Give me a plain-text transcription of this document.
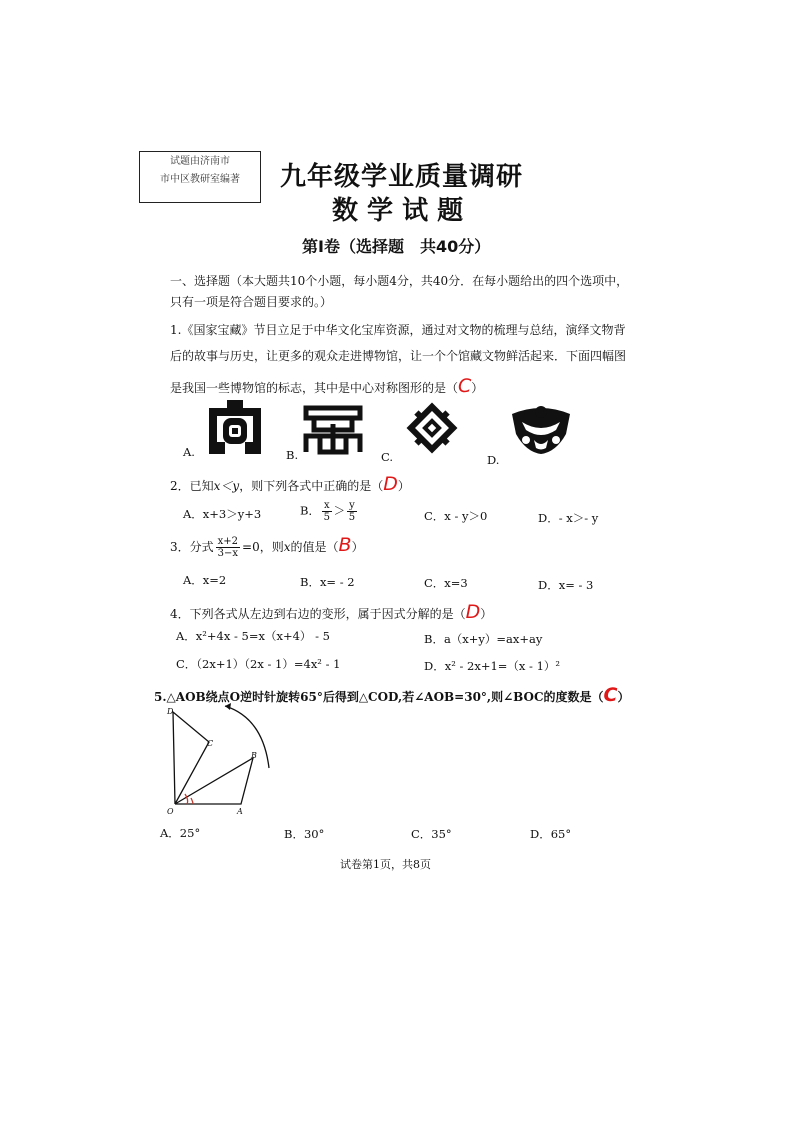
试题由济南市
市中区教研室编著	九年级学业质量调研
数 学 试 题
第Ⅰ卷（选择题　共40分）
一、选择题（本大题共10个小题，每小题4分，共40分．在每小题给出的四个选项中，
只有一项是符合题目要求的。）
1.《国家宝藏》节目立足于中华文化宝库资源，通过对文物的梳理与总结，演绎文物背
后的故事与历史，让更多的观众走进博物馆，让一个个馆藏文物鲜活起来．下面四幅图
是我国一些博物馆的标志，其中是中心对称图形的是（C）
A.	B.	C.	D.
2．已知x＜y，则下列各式中正确的是（D）
A．x+3＞y+3	B． $\frac{x}{5} > \frac{y}{5}$	C．x - y＞0	D．- x＞- y
3．分式 $\frac{x+2}{3-x} =0$，则x的值是（B）
A．x=2	B．x= - 2	C．x=3	D．x= - 3
4．下列各式从左边到右边的变形，属于因式分解的是（D）
A．x²+4x - 5=x（x+4） - 5	B．a（x+y）=ax+ay
C．（2x+1）（2x - 1）=4x² - 1	D．x² - 2x+1=（x - 1）²
5.△AOB绕点O逆时针旋转65°后得到△COD,若∠AOB=30°,则∠BOC的度数是（C）
D
C
B
O	A
A．25°	B．30°	C．35°	D．65°
试卷第1页，共8页
